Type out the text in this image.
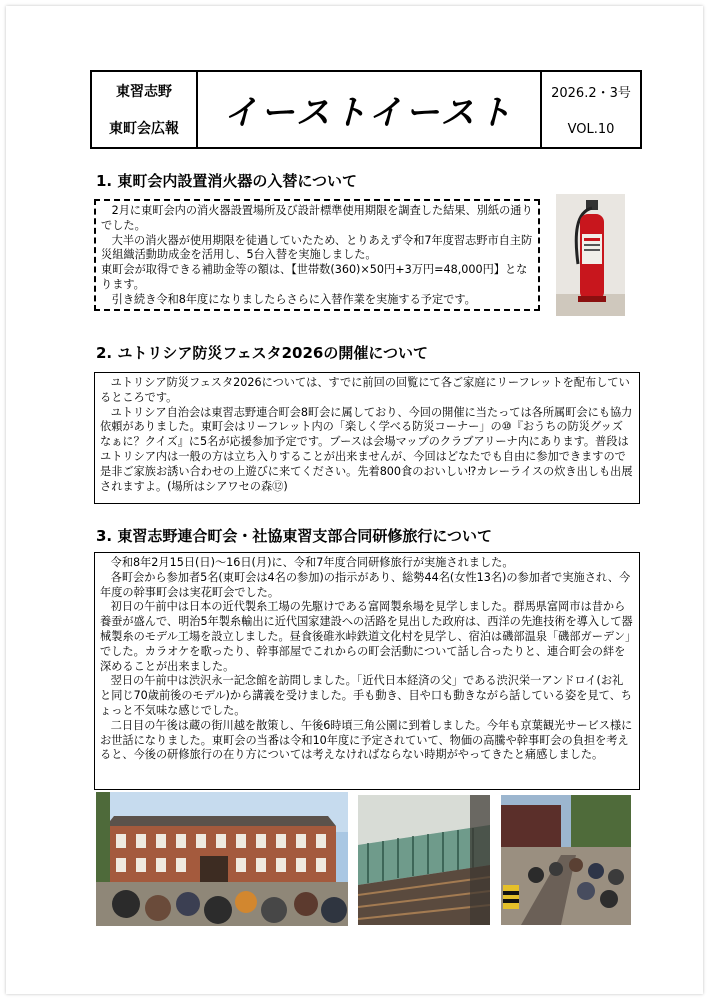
東習志野
東町会広報	イーストイースト	2026.2・3号
VOL.10
1. 東町会内設置消火器の入替について

2月に東町会内の消火器設置場所及び設計標準使用期限を調査した結果、別紙の通りでした。

大半の消火器が使用期限を徒過していたため、とりあえず令和7年度習志野市自主防災組織活動助成金を活用し、5台入替を実施しました。

東町会が取得できる補助金等の額は、【世帯数(360)×50円+3万円=48,000円】となります。

引き続き令和8年度になりましたらさらに入替作業を実施する予定です。

2. ユトリシア防災フェスタ2026の開催について

ユトリシア防災フェスタ2026については、すでに前回の回覧にて各ご家庭にリーフレットを配布しているところです。

ユトリシア自治会は東習志野連合町会8町会に属しており、今回の開催に当たっては各所属町会にも協力依頼がありました。東町会はリーフレット内の「楽しく学べる防災コーナー」の⑩『おうちの防災グッズなぁに？クイズ』に5名が応援参加予定です。ブースは会場マップのクラブアリーナ内にあります。普段はユトリシア内は一般の方は立ち入りすることが出来ませんが、今回はどなたでも自由に参加できますので是非ご家族お誘い合わせの上遊びに来てください。先着800食のおいしい⁉カレーライスの炊き出しも出展されますよ。(場所はシアワセの森⑫)

3. 東習志野連合町会・社協東習支部合同研修旅行について

令和8年2月15日(日)～16日(月)に、令和7年度合同研修旅行が実施されました。

各町会から参加者5名(東町会は4名の参加)の指示があり、総勢44名(女性13名)の参加者で実施され、今年度の幹事町会は実花町会でした。

初日の午前中は日本の近代製糸工場の先駆けである富岡製糸場を見学しました。群馬県富岡市は昔から養蚕が盛んで、明治5年製糸輸出に近代国家建設への活路を見出した政府は、西洋の先進技術を導入して器械製糸のモデル工場を設立しました。昼食後碓氷峠鉄道文化村を見学し、宿泊は磯部温泉「磯部ガーデン」でした。カラオケを歌ったり、幹事部屋でこれからの町会活動について話し合ったりと、連合町会の絆を深めることが出来ました。

翌日の午前中は渋沢永一記念館を訪問しました。「近代日本経済の父」である渋沢栄一アンドロイ(お礼と同じ70歳前後のモデル)から講義を受けました。手も動き、目や口も動きながら話している姿を見て、ちょっと不気味な感じでした。

二日目の午後は蔵の街川越を散策し、午後6時頃三角公園に到着しました。今年も京葉観光サービス様にお世話になりました。東町会の当番は令和10年度に予定されていて、物価の高騰や幹事町会の負担を考えると、今後の研修旅行の在り方については考えなければならない時期がやってきたと痛感しました。
